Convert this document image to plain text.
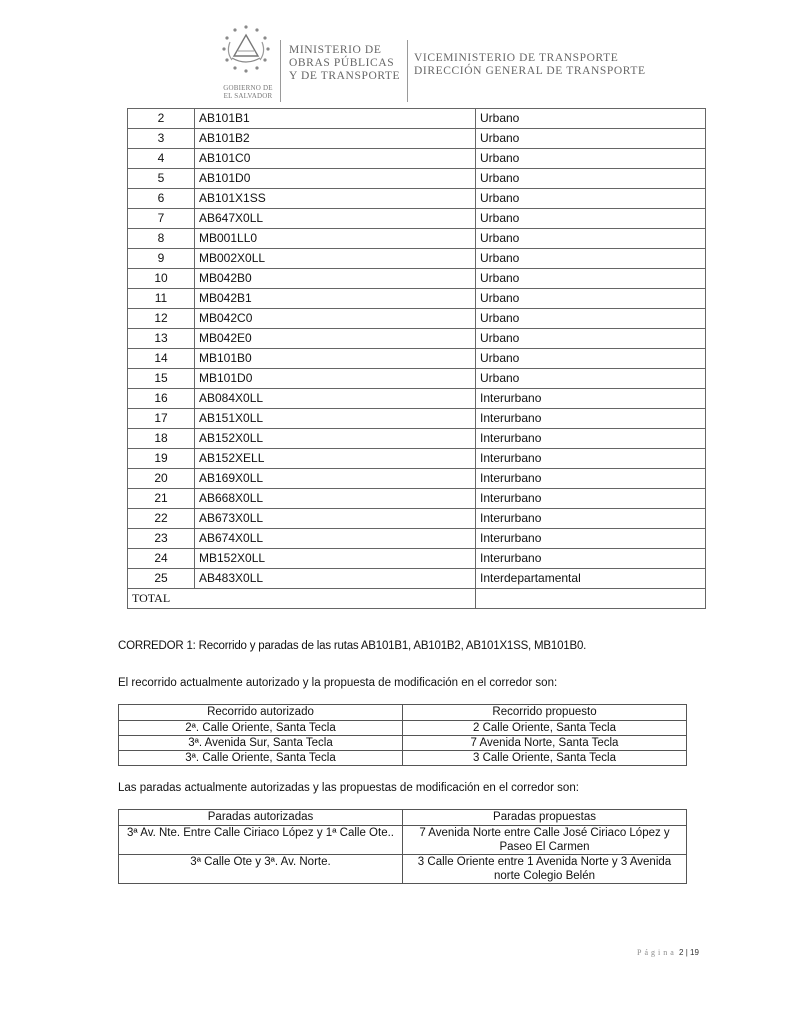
GOBIERNO DE
EL SALVADOR
MINISTERIO DE
OBRAS PÚBLICAS
Y DE TRANSPORTE
VICEMINISTERIO DE TRANSPORTE
DIRECCIÓN GENERAL DE TRANSPORTE
2	AB101B1	Urbano
3	AB101B2	Urbano
4	AB101C0	Urbano
5	AB101D0	Urbano
6	AB101X1SS	Urbano
7	AB647X0LL	Urbano
8	MB001LL0	Urbano
9	MB002X0LL	Urbano
10	MB042B0	Urbano
11	MB042B1	Urbano
12	MB042C0	Urbano
13	MB042E0	Urbano
14	MB101B0	Urbano
15	MB101D0	Urbano
16	AB084X0LL	Interurbano
17	AB151X0LL	Interurbano
18	AB152X0LL	Interurbano
19	AB152XELL	Interurbano
20	AB169X0LL	Interurbano
21	AB668X0LL	Interurbano
22	AB673X0LL	Interurbano
23	AB674X0LL	Interurbano
24	MB152X0LL	Interurbano
25	AB483X0LL	Interdepartamental
TOTAL		
CORREDOR 1: Recorrido y paradas de las rutas AB101B1, AB101B2, AB101X1SS, MB101B0.
El recorrido actualmente autorizado y la propuesta de modificación en el corredor son:
Recorrido autorizado	Recorrido propuesto
2ª. Calle Oriente, Santa Tecla	2 Calle Oriente, Santa Tecla
3ª. Avenida Sur, Santa Tecla	7 Avenida Norte, Santa Tecla
3ª. Calle Oriente, Santa Tecla	3 Calle Oriente, Santa Tecla
Las paradas actualmente autorizadas y las propuestas de modificación en el corredor son:
Paradas autorizadas	Paradas propuestas
3ª Av. Nte. Entre Calle Ciriaco López y 1ª Calle Ote..	7 Avenida Norte entre Calle José Ciriaco López y Paseo El Carmen
3ª Calle Ote y 3ª. Av. Norte.	3 Calle Oriente entre 1 Avenida Norte y 3 Avenida norte Colegio Belén
Página 2 | 19
